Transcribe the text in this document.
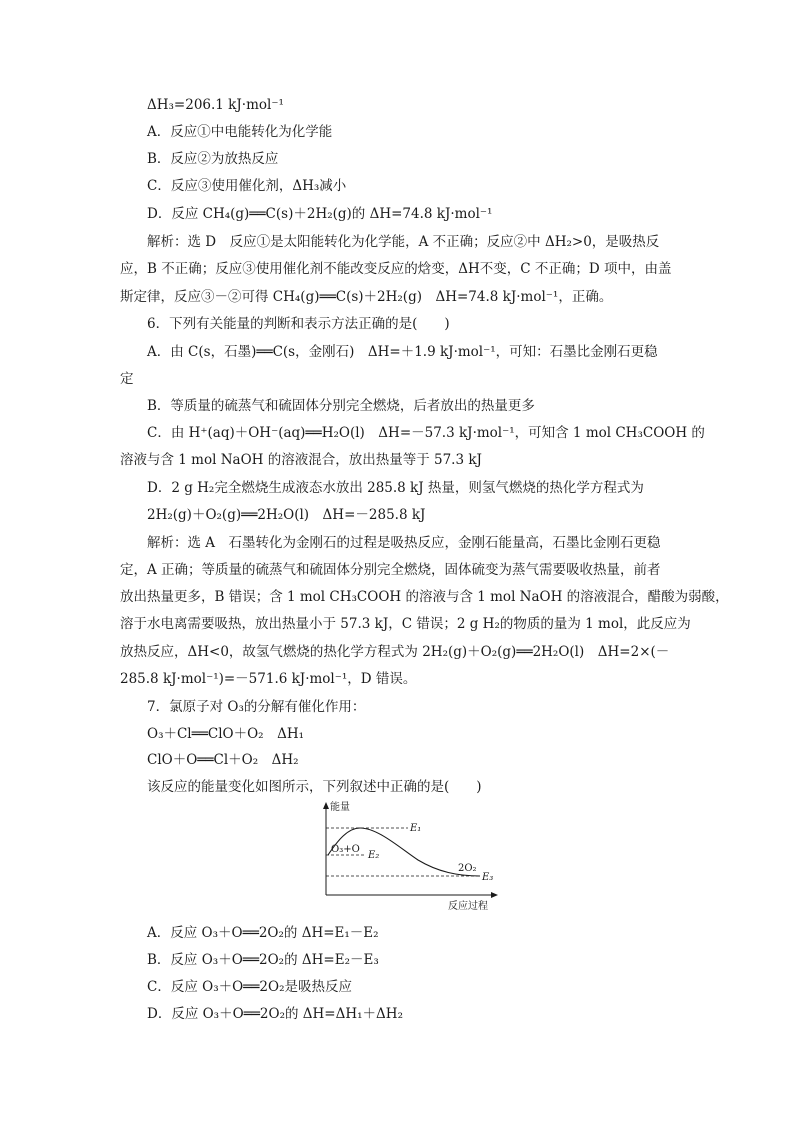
ΔH₃=206.1 kJ·mol⁻¹
A．反应①中电能转化为化学能
B．反应②为放热反应
C．反应③使用催化剂，ΔH₃减小
D．反应 CH₄(g)══C(s)＋2H₂(g)的 ΔH=74.8 kJ·mol⁻¹
解析：选 D　反应①是太阳能转化为化学能，A 不正确；反应②中 ΔH₂>0，是吸热反
应，B 不正确；反应③使用催化剂不能改变反应的焓变，ΔH不变，C 不正确；D 项中，由盖
斯定律，反应③－②可得 CH₄(g)══C(s)＋2H₂(g)　ΔH=74.8 kJ·mol⁻¹，正确。
6．下列有关能量的判断和表示方法正确的是(　　)
A．由 C(s，石墨)══C(s，金刚石)　ΔH=＋1.9 kJ·mol⁻¹，可知：石墨比金刚石更稳
定
B．等质量的硫蒸气和硫固体分别完全燃烧，后者放出的热量更多
C．由 H⁺(aq)＋OH⁻(aq)══H₂O(l)　ΔH=－57.3 kJ·mol⁻¹，可知含 1 mol CH₃COOH 的
溶液与含 1 mol NaOH 的溶液混合，放出热量等于 57.3 kJ
D．2 g H₂完全燃烧生成液态水放出 285.8 kJ 热量，则氢气燃烧的热化学方程式为
2H₂(g)＋O₂(g)══2H₂O(l)　ΔH=－285.8 kJ
解析：选 A　石墨转化为金刚石的过程是吸热反应，金刚石能量高，石墨比金刚石更稳
定，A 正确；等质量的硫蒸气和硫固体分别完全燃烧，固体硫变为蒸气需要吸收热量，前者
放出热量更多，B 错误；含 1 mol CH₃COOH 的溶液与含 1 mol NaOH 的溶液混合，醋酸为弱酸，
溶于水电离需要吸热，放出热量小于 57.3 kJ，C 错误；2 g H₂的物质的量为 1 mol，此反应为
放热反应，ΔH<0，故氢气燃烧的热化学方程式为 2H₂(g)＋O₂(g)══2H₂O(l)　ΔH=2×(－
285.8 kJ·mol⁻¹)=－571.6 kJ·mol⁻¹，D 错误。
7．氯原子对 O₃的分解有催化作用：
O₃＋Cl══ClO＋O₂　ΔH₁
ClO＋O══Cl＋O₂　ΔH₂
该反应的能量变化如图所示，下列叙述中正确的是(　　)
能量
反应过程
O₃+O
2O₂
E₁
E₂
E₃
A．反应 O₃＋O══2O₂的 ΔH=E₁－E₂
B．反应 O₃＋O══2O₂的 ΔH=E₂－E₃
C．反应 O₃＋O══2O₂是吸热反应
D．反应 O₃＋O══2O₂的 ΔH=ΔH₁＋ΔH₂
